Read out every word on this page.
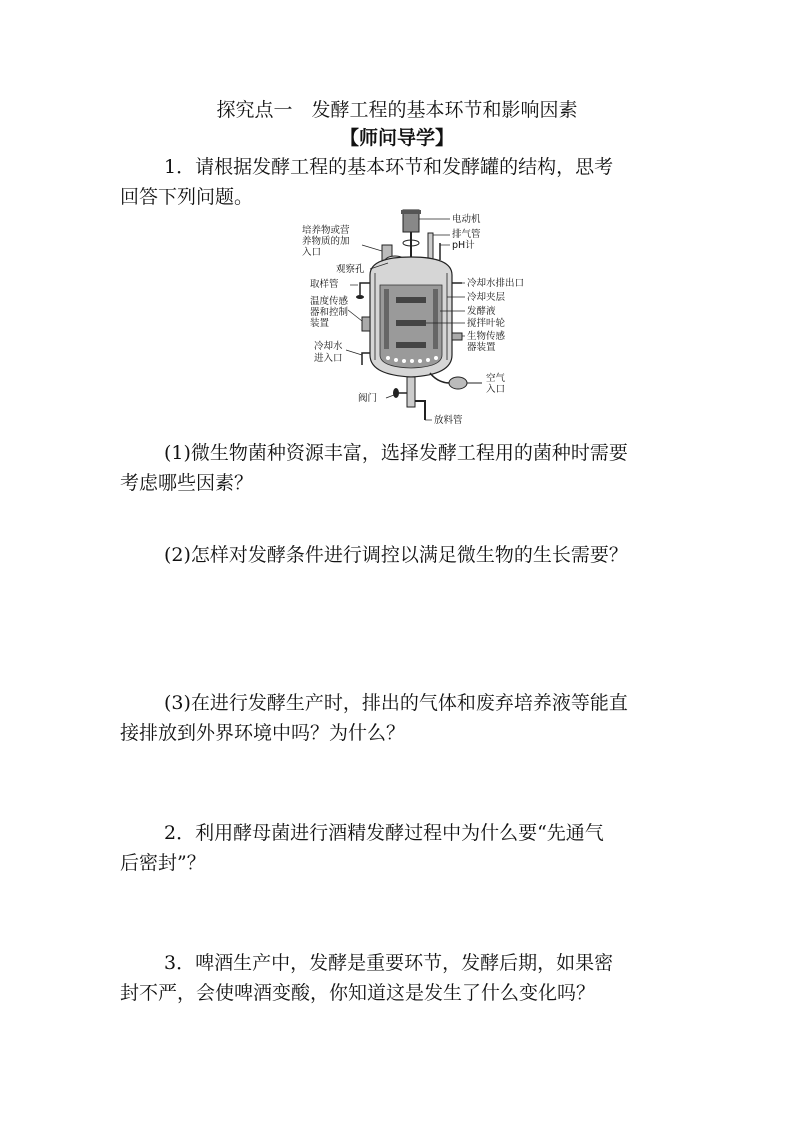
探究点一　发酵工程的基本环节和影响因素
【师问导学】
1．请根据发酵工程的基本环节和发酵罐的结构，思考
回答下列问题。
电动机
排气管
pH计
培养物或营
养物质的加
入口
观察孔
取样管
温度传感
器和控制
装置
冷却水
进入口
阀门
冷却水排出口
冷却夹层
发酵液
搅拌叶轮
生物传感
器装置
空气
入口
放料管
(1)微生物菌种资源丰富，选择发酵工程用的菌种时需要
考虑哪些因素？
(2)怎样对发酵条件进行调控以满足微生物的生长需要？
(3)在进行发酵生产时，排出的气体和废弃培养液等能直
接排放到外界环境中吗？为什么？
2．利用酵母菌进行酒精发酵过程中为什么要“先通气
后密封”？
3．啤酒生产中，发酵是重要环节，发酵后期，如果密
封不严，会使啤酒变酸，你知道这是发生了什么变化吗？
